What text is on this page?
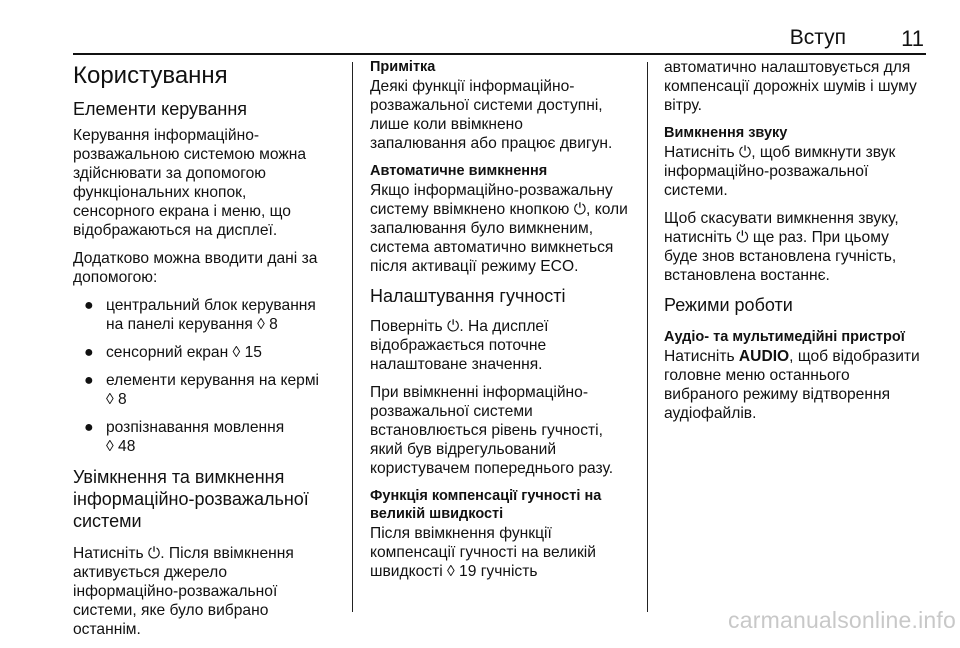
Вступ	11
Користування
Елементи керування

Керування інформаційно-
розважальною системою можна
здійснювати за допомогою
функціональних кнопок,
сенсорного екрана і меню, що
відображаються на дисплеї.

Додатково можна вводити дані за
допомогою:

● центральний блок керування
на панелі керування ◊ 8
● сенсорний екран ◊ 15
● елементи керування на кермі
◊ 8
● розпізнавання мовлення
◊ 48
Увімкнення та вимкнення
інформаційно-розважальної
системи

Натисніть ⏻. Після ввімкнення
активується джерело
інформаційно-розважальної
системи, яке було вибрано
останнім.

Примітка
Деякі функції інформаційно-
розважальної системи доступні,
лише коли ввімкнено
запалювання або працює двигун.

Автоматичне вимкнення

Якщо інформаційно-розважальну
систему ввімкнено кнопкою ⏻, коли
запалювання було вимкненим,
система автоматично вимкнеться
після активації режиму ECO.

Налаштування гучності

Поверніть ⏻. На дисплеї
відображається поточне
налаштоване значення.

При ввімкненні інформаційно-
розважальної системи
встановлюється рівень гучності,
який був відрегульований
користувачем попереднього разу.

Функція компенсації гучності на
великій швидкості

Після ввімкнення функції
компенсації гучності на великій
швидкості ◊ 19 гучність

автоматично налаштовується для
компенсації дорожніх шумів і шуму
вітру.

Вимкнення звуку

Натисніть ⏻, щоб вимкнути звук
інформаційно-розважальної
системи.

Щоб скасувати вимкнення звуку,
натисніть ⏻ ще раз. При цьому
буде знов встановлена гучність,
встановлена востаннє.

Режими роботи
Аудіо- та мультимедійні пристрої

Натисніть AUDIO, щоб відобразити
головне меню останнього
вибраного режиму відтворення
аудіофайлів.

carmanualsonline.info
